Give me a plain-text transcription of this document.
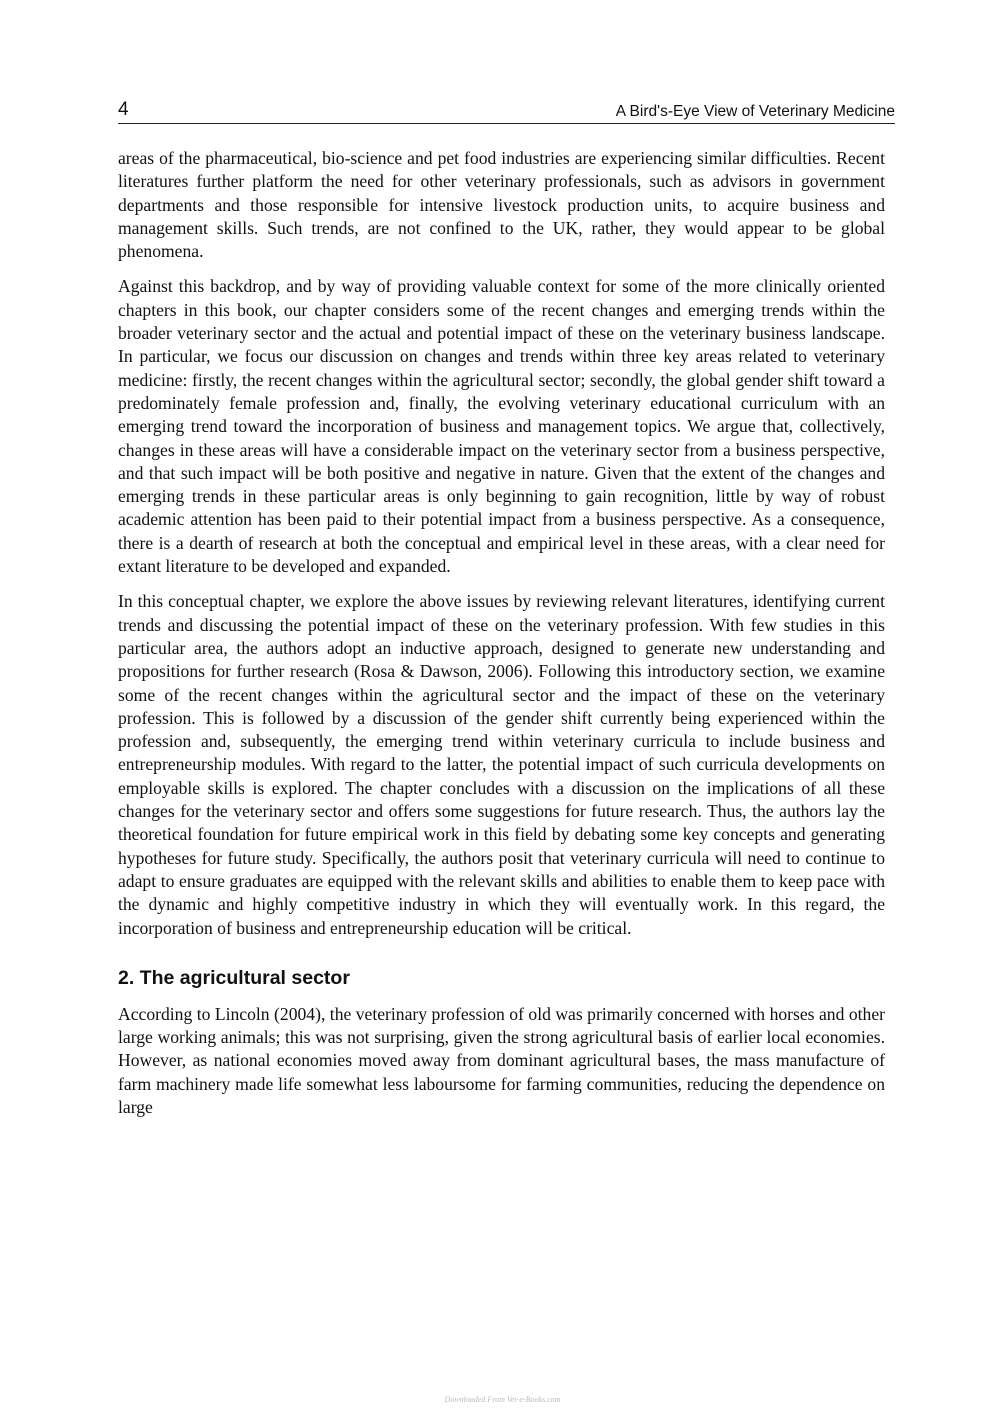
4	A Bird's-Eye View of Veterinary Medicine

areas of the pharmaceutical, bio-science and pet food industries are experiencing similar difficulties. Recent literatures further platform the need for other veterinary professionals, such as advisors in government departments and those responsible for intensive livestock production units, to acquire business and management skills. Such trends, are not confined to the UK, rather, they would appear to be global phenomena.

Against this backdrop, and by way of providing valuable context for some of the more clinically oriented chapters in this book, our chapter considers some of the recent changes and emerging trends within the broader veterinary sector and the actual and potential impact of these on the veterinary business landscape. In particular, we focus our discussion on changes and trends within three key areas related to veterinary medicine: firstly, the recent changes within the agricultural sector; secondly, the global gender shift toward a predominately female profession and, finally, the evolving veterinary educational curriculum with an emerging trend toward the incorporation of business and management topics. We argue that, collectively, changes in these areas will have a considerable impact on the veterinary sector from a business perspective, and that such impact will be both positive and negative in nature. Given that the extent of the changes and emerging trends in these particular areas is only beginning to gain recognition, little by way of robust academic attention has been paid to their potential impact from a business perspective. As a consequence, there is a dearth of research at both the conceptual and empirical level in these areas, with a clear need for extant literature to be developed and expanded.

In this conceptual chapter, we explore the above issues by reviewing relevant literatures, identifying current trends and discussing the potential impact of these on the veterinary profession. With few studies in this particular area, the authors adopt an inductive approach, designed to generate new understanding and propositions for further research (Rosa & Dawson, 2006). Following this introductory section, we examine some of the recent changes within the agricultural sector and the impact of these on the veterinary profession. This is followed by a discussion of the gender shift currently being experienced within the profession and, subsequently, the emerging trend within veterinary curricula to include business and entrepreneurship modules. With regard to the latter, the potential impact of such curricula developments on employable skills is explored. The chapter concludes with a discussion on the implications of all these changes for the veterinary sector and offers some suggestions for future research. Thus, the authors lay the theoretical foundation for future empirical work in this field by debating some key concepts and generating hypotheses for future study. Specifically, the authors posit that veterinary curricula will need to continue to adapt to ensure graduates are equipped with the relevant skills and abilities to enable them to keep pace with the dynamic and highly competitive industry in which they will eventually work. In this regard, the incorporation of business and entrepreneurship education will be critical.

2. The agricultural sector

According to Lincoln (2004), the veterinary profession of old was primarily concerned with horses and other large working animals; this was not surprising, given the strong agricultural basis of earlier local economies. However, as national economies moved away from dominant agricultural bases, the mass manufacture of farm machinery made life somewhat less laboursome for farming communities, reducing the dependence on large

Downloaded From Vet-e-Books.com
